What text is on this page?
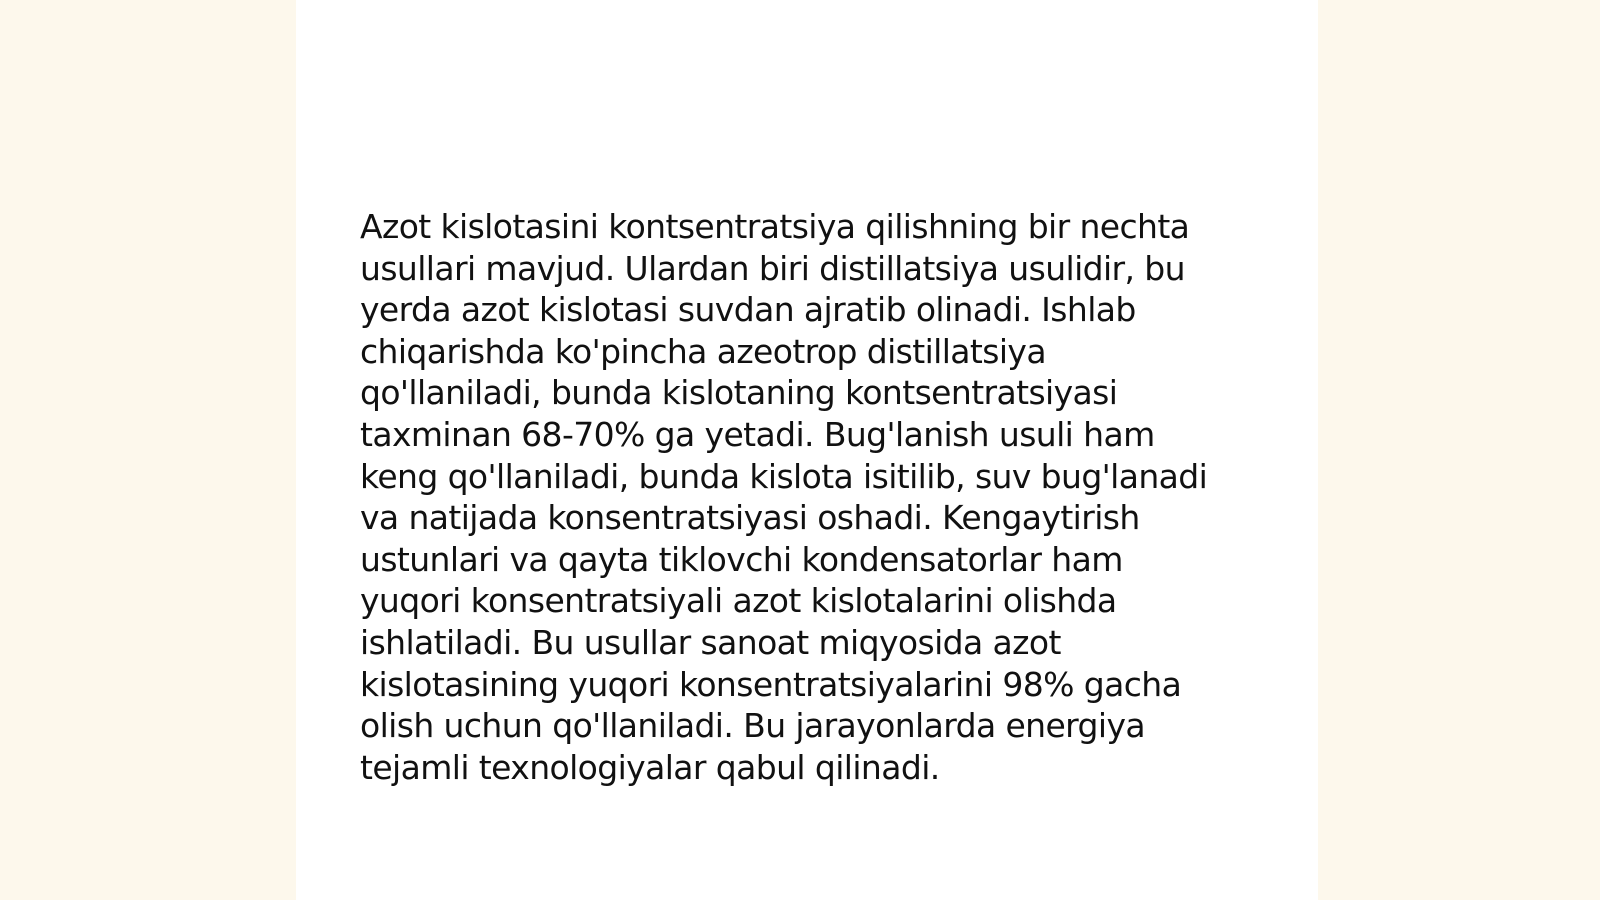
Azot kislotasini kontsentratsiya qilishning bir nechta
usullari mavjud. Ulardan biri distillatsiya usulidir, bu
yerda azot kislotasi suvdan ajratib olinadi. Ishlab
chiqarishda ko'pincha azeotrop distillatsiya
qo'llaniladi, bunda kislotaning kontsentratsiyasi
taxminan 68-70% ga yetadi. Bug'lanish usuli ham
keng qo'llaniladi, bunda kislota isitilib, suv bug'lanadi
va natijada konsentratsiyasi oshadi. Kengaytirish
ustunlari va qayta tiklovchi kondensatorlar ham
yuqori konsentratsiyali azot kislotalarini olishda
ishlatiladi. Bu usullar sanoat miqyosida azot
kislotasining yuqori konsentratsiyalarini 98% gacha
olish uchun qo'llaniladi. Bu jarayonlarda energiya
tejamli texnologiyalar qabul qilinadi.
